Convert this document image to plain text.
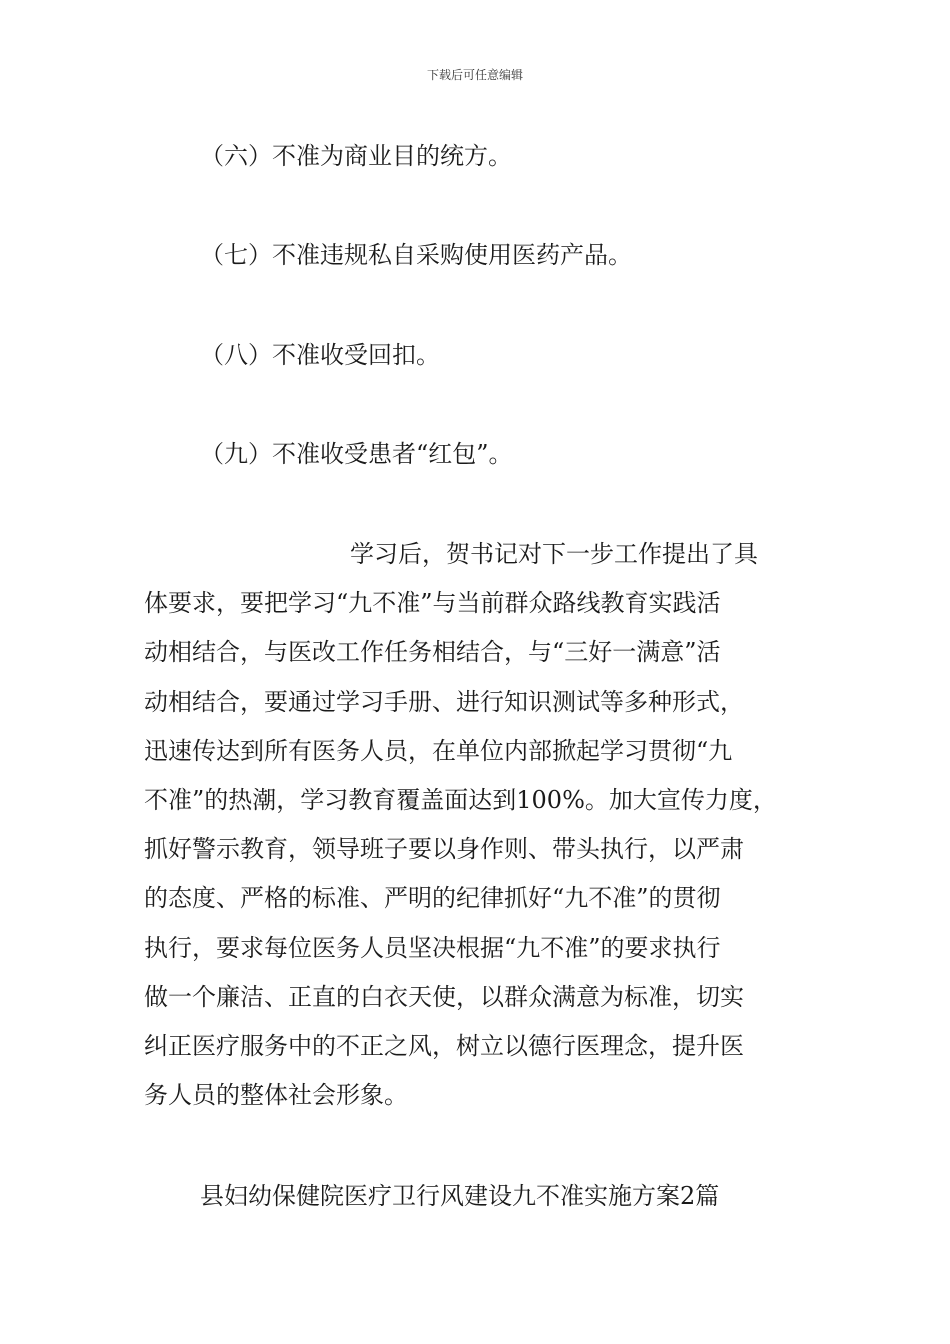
下载后可任意编辑
（六）不准为商业目的统方。
（七）不准违规私自采购使用医药产品。
（八）不准收受回扣。
（九）不准收受患者“红包”。
学习后，贺书记对下一步工作提出了具
体要求，要把学习“九不准”与当前群众路线教育实践活
动相结合，与医改工作任务相结合，与“三好一满意”活
动相结合，要通过学习手册、进行知识测试等多种形式，
迅速传达到所有医务人员，在单位内部掀起学习贯彻“九
不准”的热潮，学习教育覆盖面达到100%。加大宣传力度，
抓好警示教育，领导班子要以身作则、带头执行，以严肃
的态度、严格的标准、严明的纪律抓好“九不准”的贯彻
执行，要求每位医务人员坚决根据“九不准”的要求执行
做一个廉洁、正直的白衣天使，以群众满意为标准，切实
纠正医疗服务中的不正之风，树立以德行医理念，提升医
务人员的整体社会形象。
县妇幼保健院医疗卫行风建设九不准实施方案2篇
